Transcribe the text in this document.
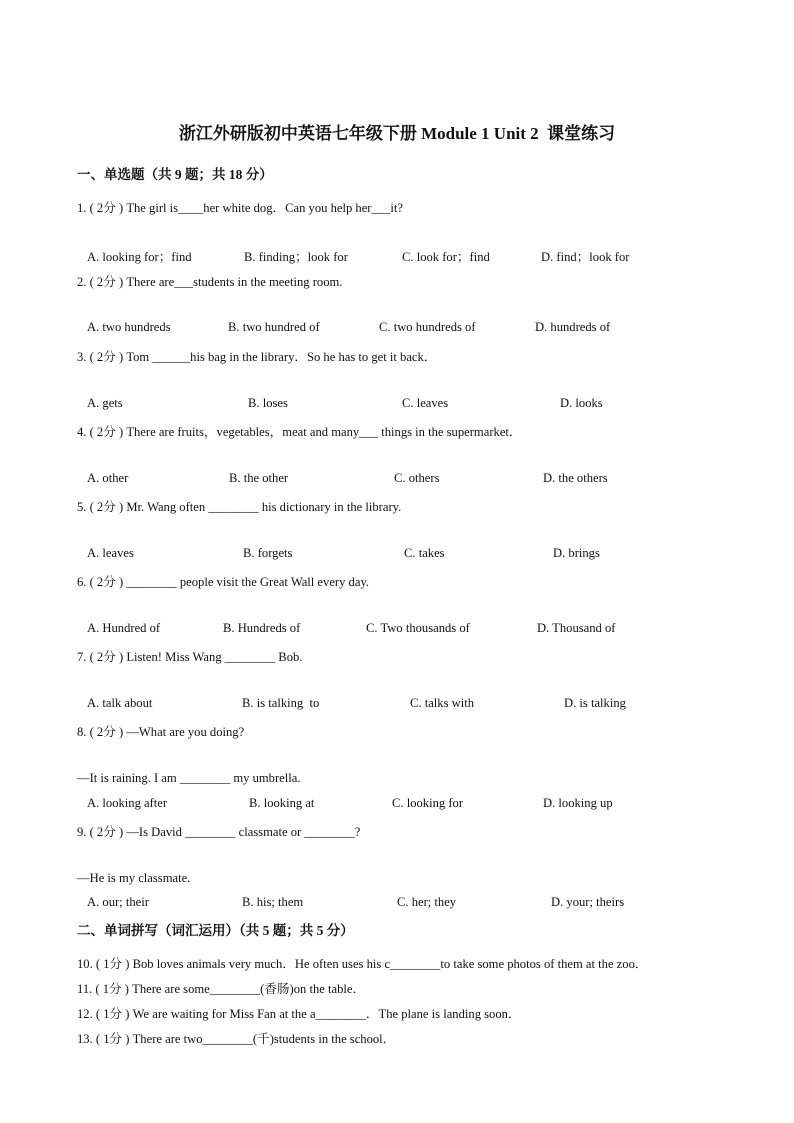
浙江外研版初中英语七年级下册 Module 1 Unit 2  课堂练习
一、单选题（共 9 题；共 18 分）
1. ( 2分 ) The girl is____her white dog．Can you help her___it?
A. looking for；find	B. finding；look for	C. look for；find	D. find；look for
2. ( 2分 ) There are___students in the meeting room.
A. two hundreds	B. two hundred of	C. two hundreds of	D. hundreds of
3. ( 2分 ) Tom ______his bag in the library．So he has to get it back．
A. gets	B. loses	C. leaves	D. looks
4. ( 2分 ) There are fruits，vegetables，meat and many___ things in the supermarket．
A. other	B. the other	C. others	D. the others
5. ( 2分 ) Mr. Wang often ________ his dictionary in the library.
A. leaves	B. forgets	C. takes	D. brings
6. ( 2分 ) ________ people visit the Great Wall every day.
A. Hundred of	B. Hundreds of	C. Two thousands of	D. Thousand of
7. ( 2分 ) Listen! Miss Wang ________ Bob.
A. talk about	B. is talking  to	C. talks with	D. is talking
8. ( 2分 ) —What are you doing?
—It is raining. I am ________ my umbrella.
A. looking after	B. looking at	C. looking for	D. looking up
9. ( 2分 ) —Is David ________ classmate or ________?
—He is my classmate.
A. our; their	B. his; them	C. her; they	D. your; theirs
二、单词拼写（词汇运用）（共 5 题；共 5 分）
10. ( 1分 ) Bob loves animals very much．He often uses his c________to take some photos of them at the zoo．
11. ( 1分 ) There are some________(香肠)on the table．
12. ( 1分 ) We are waiting for Miss Fan at the a________．The plane is landing soon．
13. ( 1分 ) There are two________(千)students in the school．
